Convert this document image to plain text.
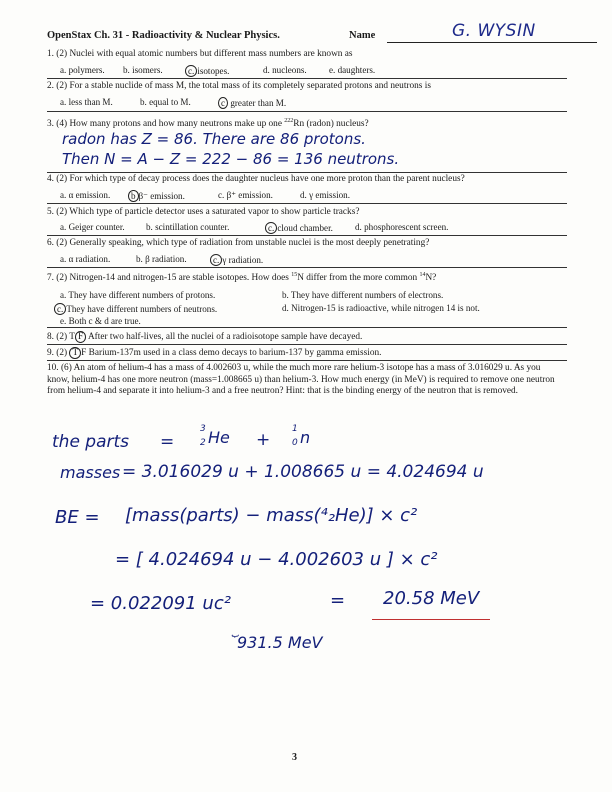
OpenStax Ch. 31 - Radioactivity & Nuclear Physics.	Name	G. WYSIN
1. (2) Nuclei with equal atomic numbers but different mass numbers are known as
a. polymers. b. isomers.	c. isotopes.	d. nucleons. e. daughters.
2. (2) For a stable nuclide of mass M, the total mass of its completely separated protons and neutrons is
a. less than M.	b. equal to M.	c greater than M.
3. (4) How many protons and how many neutrons make up one $^{222}$Rn (radon) nucleus?
radon has Z = 86. There are 86 protons.
Then N = A − Z = 222 − 86 = 136 neutrons.
4. (2) For which type of decay process does the daughter nucleus have one more proton than the parent nucleus?
a. α emission.	b β⁻ emission.	c. β⁺ emission.	d. γ emission.
5. (2) Which type of particle detector uses a saturated vapor to show particle tracks?
a. Geiger counter. b. scintillation counter.	c. cloud chamber. d. phosphorescent screen.
6. (2) Generally speaking, which type of radiation from unstable nuclei is the most deeply penetrating?
a. α radiation.	b. β radiation.	c. γ radiation.
7. (2) Nitrogen-14 and nitrogen-15 are stable isotopes. How does $^{15}$N differ from the more common $^{14}$N?
a. They have different numbers of protons.	b. They have different numbers of electrons.
c. They have different numbers of neutrons.	d. Nitrogen-15 is radioactive, while nitrogen 14 is not.
e. Both c & d are true.
8. (2) T F After two half-lives, all the nuclei of a radioisotope sample have decayed.
9. (2) T F Barium-137m used in a class demo decays to barium-137 by gamma emission.
10. (6) An atom of helium-4 has a mass of 4.002603 u, while the much more rare helium-3 isotope has a mass of 3.016029 u. As you know, helium-4 has one more neutron (mass=1.008665 u) than helium-3. How much energy (in MeV) is required to remove one neutron from helium-4 and separate it into helium-3 and a free neutron? Hint: that is the binding energy of the neutron that is removed.
the parts =
3
2 He +
1
0 n
masses = 3.016029 u + 1.008665 u = 4.024694 u
BE = [mass(parts) − mass(⁴₂He)] × c²
= [ 4.024694 u − 4.002603 u ] × c²
= 0.022091 uc²	= 20.58 MeV
⏟
931.5 MeV
3
